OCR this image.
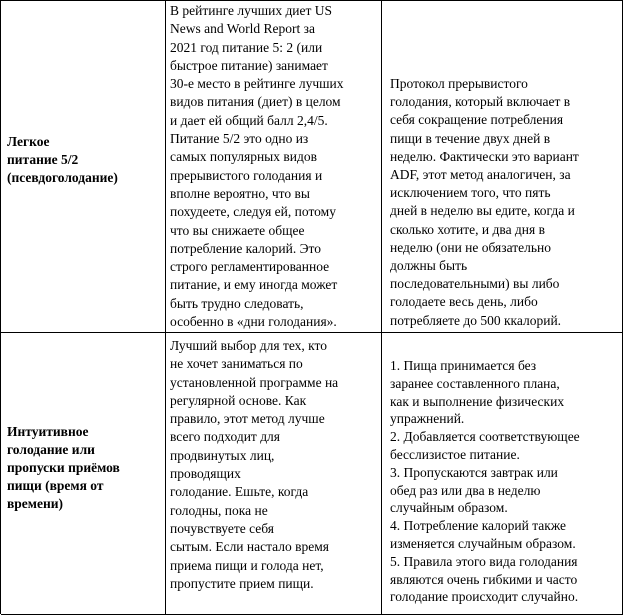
Легкое
питание 5/2
(псевдоголодание)

Интуитивное
голодание или
пропуски приёмов
пищи (время от
времени)

В рейтинге лучших диет US
News and World Report за
2021 год питание 5: 2 (или
быстрое питание) занимает
30-е место в рейтинге лучших
видов питания (диет) в целом
и дает ей общий балл 2,4/5.
Питание 5/2 это одно из
самых популярных видов
прерывистого голодания и
вполне вероятно, что вы
похудеете, следуя ей, потому
что вы снижаете общее
потребление калорий. Это
строго регламентированное
питание, и ему иногда может
быть трудно следовать,
особенно в «дни голодания».

Лучший выбор для тех, кто
не хочет заниматься по
установленной программе на
регулярной основе. Как
правило, этот метод лучше
всего подходит для
продвинутых лиц,
проводящих
голодание. Ешьте, когда
голодны, пока не
почувствуете себя
сытым. Если настало время
приема пищи и голода нет,
пропустите прием пищи.

Протокол прерывистого
голодания, который включает в
себя сокращение потребления
пищи в течение двух дней в
неделю. Фактически это вариант
ADF, этот метод аналогичен, за
исключением того, что пять
дней в неделю вы едите, когда и
сколько хотите, и два дня в
неделю (они не обязательно
должны быть
последовательными) вы либо
голодаете весь день, либо
потребляете до 500 ккалорий.

1. Пища принимается без
заранее составленного плана,
как и выполнение физических
упражнений.
2. Добавляется соответствующее
бесслизистое питание.
3. Пропускаются завтрак или
обед раз или два в неделю
случайным образом.
4. Потребление калорий также
изменяется случайным образом.
5. Правила этого вида голодания
являются очень гибкими и часто
голодание происходит случайно.
